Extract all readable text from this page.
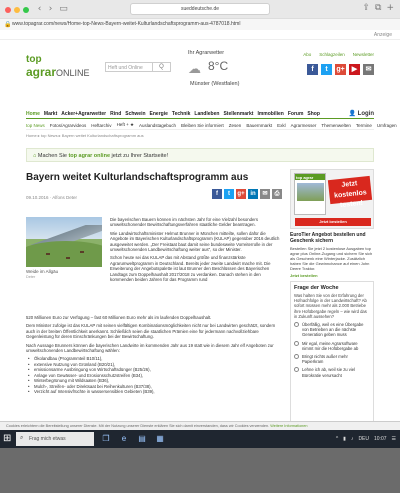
‹ › ▭	sueddeutsche.de	⇪ ⧉ +
🔒 www.topagrar.com/news/Home-top-News-Bayern-weitet-Kulturlandschaftsprogramm-aus-4787018.html
Anzeige
top
agrarONLINE	Heft und Online	Q
Ihr Agrarwetter
☁ 8°C
Münster (Westfalen)
Abo Schlagzeilen Newsletter
f	t	g+	▶	✉
Home Markt Acker+Agrarwetter Rind Schwein Energie Technik Landleben Stellenmarkt Immobilien Forum Shop	👤 Login
top News Fotos/Agrarvideos Heftarchiv Heft + ★ Auslandstagebuch Bleiben Sie informiert Zesen Bauernmarkt Exkl Agrarmesser Themenwelten Termine Umfragen
Home ▸ top News ▸ Bayern weitet Kulturlandschaftsprogramm aus
⌂ Machen Sie top agrar online jetzt zu Ihrer Startseite!
Bayern weitet Kulturlandschaftsprogramm aus
09.10.2016 · Alfons Deter
f	t	g+ in	✉	⎙
Weide im Allgäu
Deter

Die bayerischen Bauern können im nächsten Jahr für eine Vielzahl besonders umweltschonender Bewirtschaftungsverfahren staatliche Gelder beantragen.

Wie Landwirtschaftsminister Helmut Brunner in München mitteilte, sollen dafür die Angebote im Bayerischen Kulturlandschaftsprogramm (KULAP) gegenüber 2016 deutlich ausgeweitet werden. „Der Freistaat baut damit seine bundesweite Vorreiterrolle in der umweltschonenden Landbewirtschaftung weiter aus", so der Minister.

Schon heute sei das KULAP das mit Abstand größte und finanzstärkste Agrarumweltprogramm in Deutschland. Bereits jeder zweite Landwirt mache mit. Die Erweiterung der Angebotspalette ist laut Brunner den Beschlüssen des Bayerischen Landtags zum Doppelhaushalt 2017/2018 zu verdanken. Danach stehen in den kommenden beiden Jahren für das Programm rund

520 Millionen Euro zur Verfügung – fast 60 Millionen Euro mehr als im laufenden Doppelhaushalt.

Dem Minister zufolge ist das KULAP mit seinen vielfältigen Kombinationsmöglichkeiten nicht nur bei Landwirten geschätzt, sondern auch in der breiten Öffentlichkeit anerkannt. Schließlich seien die staatlichen Prämien eine für jedermann nachvollziehbare Gegenleistung für deren Einschränkungen bei der Bewirtschaftung.

Nach Aussage Brunners können die bayerischen Landwirte im kommenden Jahr aus 19 statt wie in diesem Jahr elf Angeboten zur umweltschonenden Landbewirtschaftung wählen:

• Ökolandbau (Programmteil B10/11),
• extensive Nutzung von Grünland (B20/21),
• emissionsarme Ausbringung von Wirtschaftsdünger (B25/26),
• Anlage von Gewässer- und Erosionsschutzstreifen (B34),
• Winterbegrünung mit Wildsaaten (B36),
• Mulch-, Streifen- oder Direktsaat bei Reihenkulturen (B37/38),
• Verzicht auf Intensivfrüchte in wassersensiblen Gebieten (B39),
top agrar
Jetzt kostenlos testen!
Jetzt bestellen
EuroTier Angebot bestellen und Geschenk sichern
Bestellen Sie jetzt 2 kostenlose Ausgaben top agrar plus Online-Zugang und sichern Sie sich als Geschenk eine Winterjacke. Zusätzlich haben Sie die Gewinnchance auf einen John Deere Traktor.
Jetzt bestellen
Frage der Woche
Was halten Sie von der Erfahrung der Hofnachfolge in der Landwirtschaft? Ab sofort müssen mehr als 2.000 Betriebe ihre Hofübergabe regeln – wie wird das in Zukunft aussehen?
Überfällig, weil es eine Übergabe von Betrieben an die nächste Generation geben muss
Mir egal, meine Agrarsoftware nimmt mir die Hofübergabe ab
Bringt nichts außer mehr Papierkram
Lehne ich ab, weil sie zu viel Bürokratie verursacht
Cookies erleichtern die Bereitstellung unserer Dienste. Mit der Nutzung unserer Dienste erklären Sie sich damit einverstanden, dass wir Cookies verwenden. Weitere Informationen
⊞ ⌕ Frag mich etwas	❐	e	▤ ▦	^ ▮ ♪ DEU 10:07 ☰
